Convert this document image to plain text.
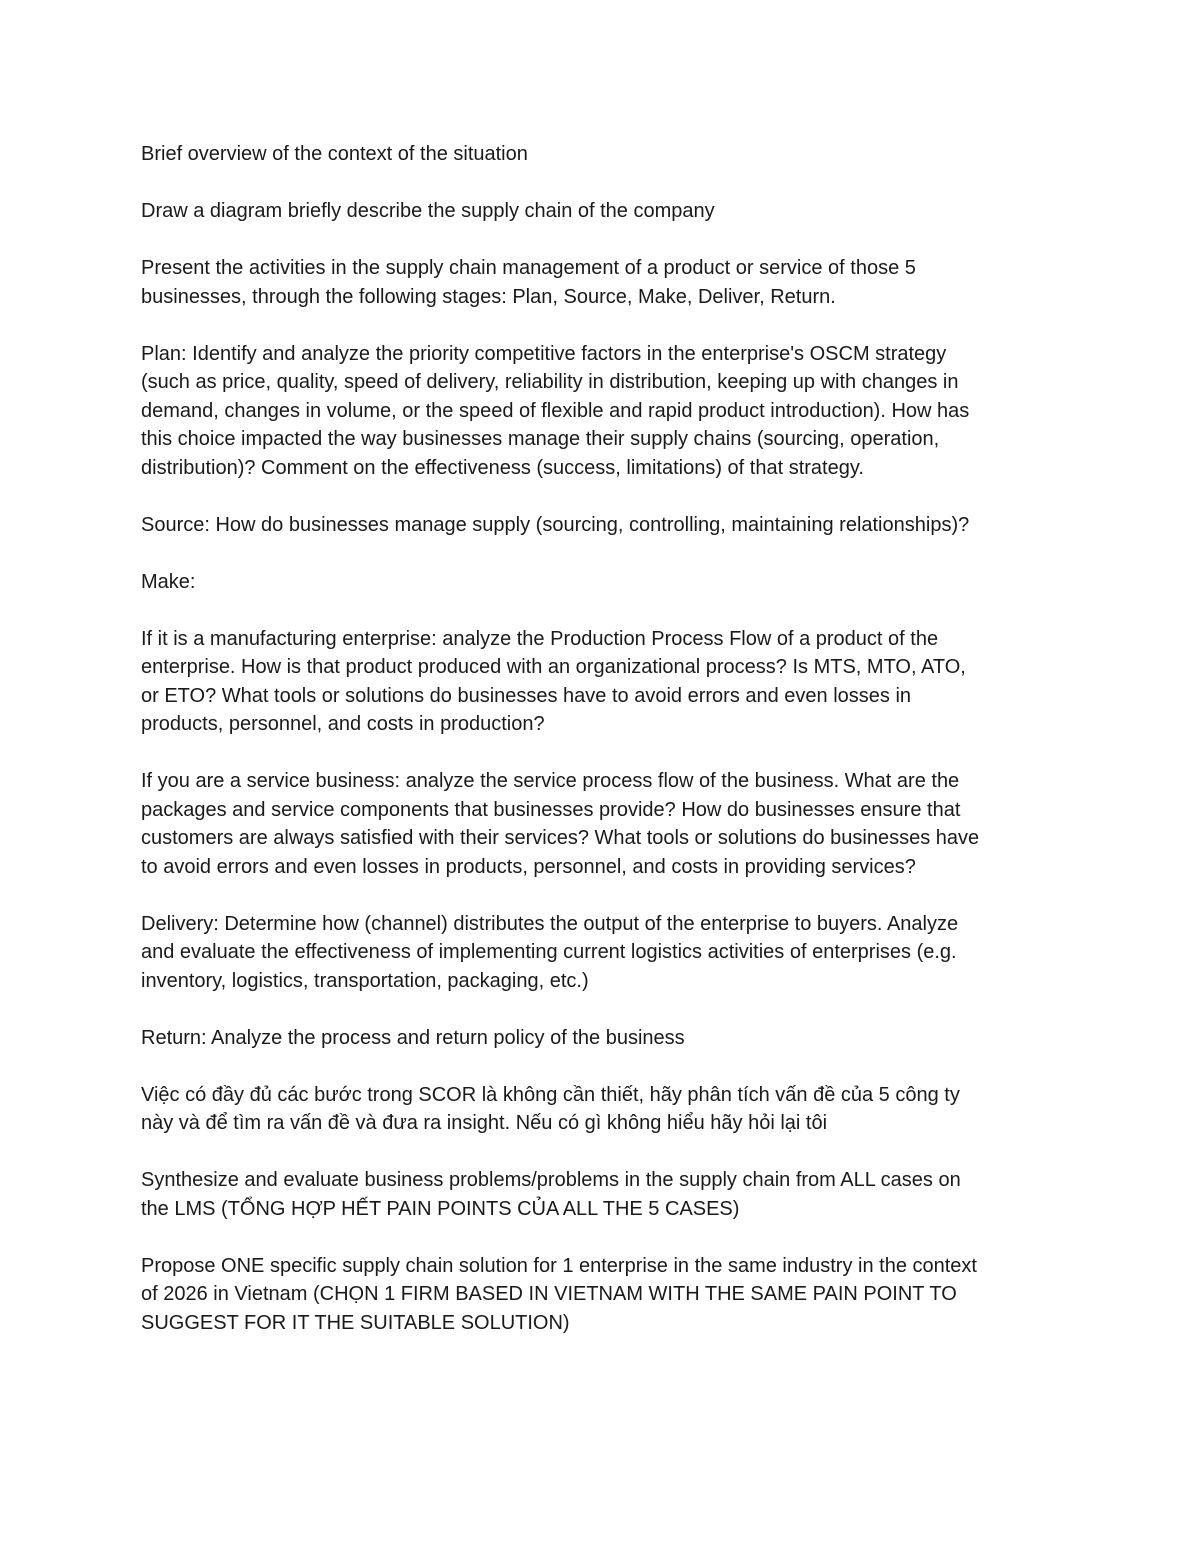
Brief overview of the context of the situation

Draw a diagram briefly describe the supply chain of the company

Present the activities in the supply chain management of a product or service of those 5
businesses, through the following stages: Plan, Source, Make, Deliver, Return.

Plan: Identify and analyze the priority competitive factors in the enterprise's OSCM strategy
(such as price, quality, speed of delivery, reliability in distribution, keeping up with changes in
demand, changes in volume, or the speed of flexible and rapid product introduction). How has
this choice impacted the way businesses manage their supply chains (sourcing, operation,
distribution)? Comment on the effectiveness (success, limitations) of that strategy.

Source: How do businesses manage supply (sourcing, controlling, maintaining relationships)?

Make:

If it is a manufacturing enterprise: analyze the Production Process Flow of a product of the
enterprise. How is that product produced with an organizational process? Is MTS, MTO, ATO,
or ETO? What tools or solutions do businesses have to avoid errors and even losses in
products, personnel, and costs in production?

If you are a service business: analyze the service process flow of the business. What are the
packages and service components that businesses provide? How do businesses ensure that
customers are always satisfied with their services? What tools or solutions do businesses have
to avoid errors and even losses in products, personnel, and costs in providing services?

Delivery: Determine how (channel) distributes the output of the enterprise to buyers. Analyze
and evaluate the effectiveness of implementing current logistics activities of enterprises (e.g.
inventory, logistics, transportation, packaging, etc.)

Return: Analyze the process and return policy of the business

Việc có đầy đủ các bước trong SCOR là không cần thiết, hãy phân tích vấn đề của 5 công ty
này và để tìm ra vấn đề và đưa ra insight. Nếu có gì không hiểu hãy hỏi lại tôi

Synthesize and evaluate business problems/problems in the supply chain from ALL cases on
the LMS (TỔNG HỢP HẾT PAIN POINTS CỦA ALL THE 5 CASES)

Propose ONE specific supply chain solution for 1 enterprise in the same industry in the context
of 2026 in Vietnam (CHỌN 1 FIRM BASED IN VIETNAM WITH THE SAME PAIN POINT TO
SUGGEST FOR IT THE SUITABLE SOLUTION)
